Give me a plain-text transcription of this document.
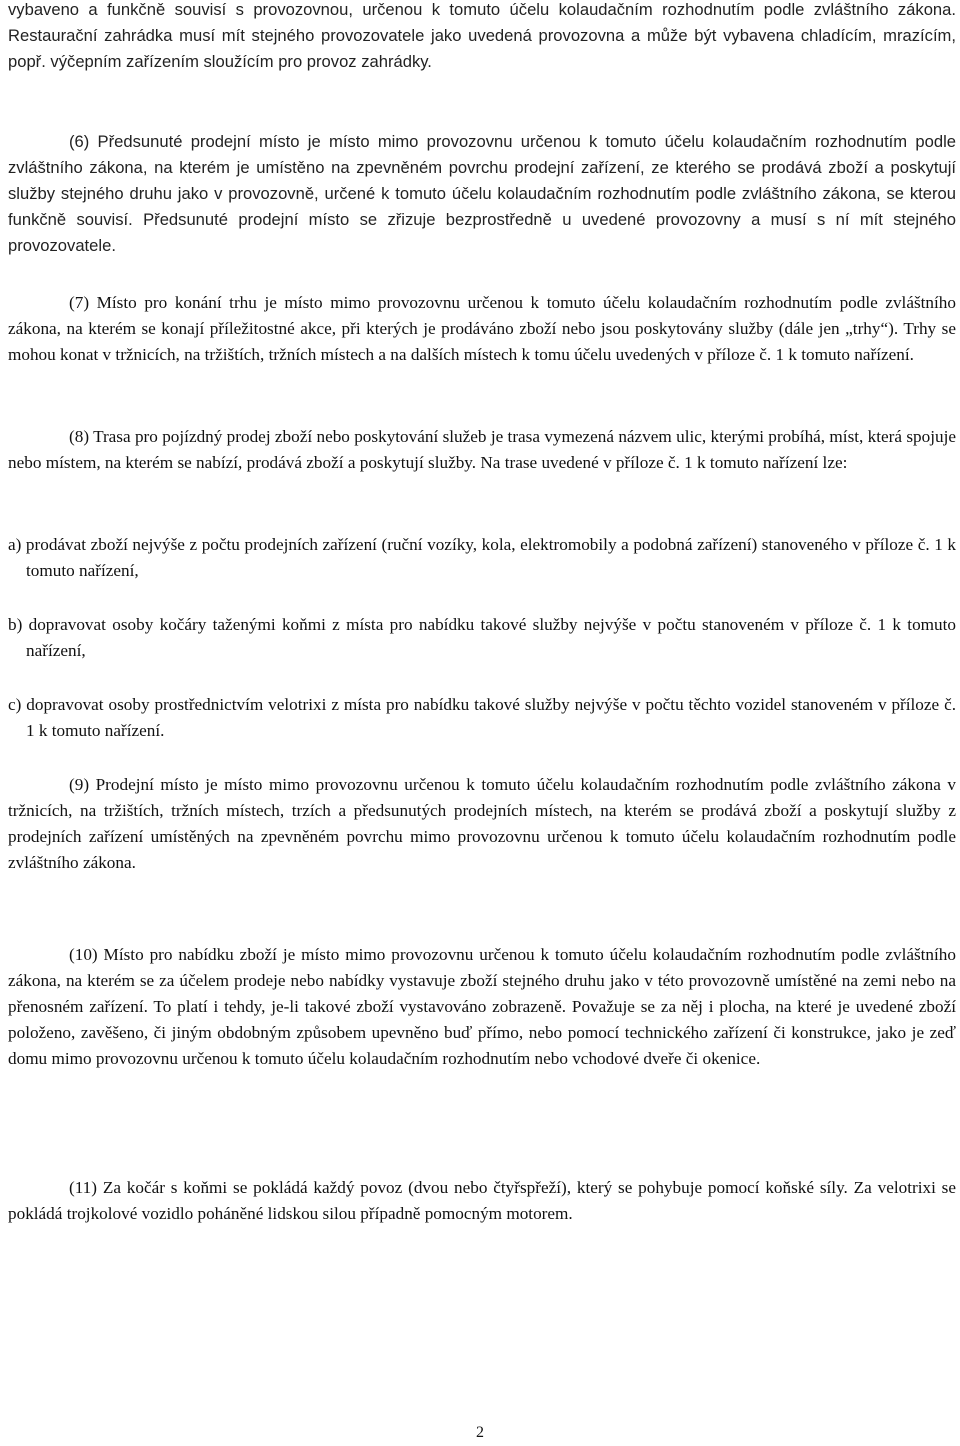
vybaveno a funkčně souvisí s provozovnou, určenou k tomuto účelu kolaudačním rozhodnutím podle zvláštního zákona. Restaurační zahrádka musí mít stejného provozovatele jako uvedená provozovna a může být vybavena chladícím, mrazícím, popř. výčepním zařízením sloužícím pro provoz zahrádky.

(6) Předsunuté prodejní místo je místo mimo provozovnu určenou k tomuto účelu kolaudačním rozhodnutím podle zvláštního zákona, na kterém je umístěno na zpevněném povrchu prodejní zařízení, ze kterého se prodává zboží a poskytují služby stejného druhu jako v provozovně, určené k tomuto účelu kolaudačním rozhodnutím podle zvláštního zákona, se kterou funkčně souvisí. Předsunuté prodejní místo se zřizuje bezprostředně u uvedené provozovny a musí s ní mít stejného provozovatele.

(7) Místo pro konání trhu je místo mimo provozovnu určenou k tomuto účelu kolaudačním rozhodnutím podle zvláštního zákona, na kterém se konají příležitostné akce, při kterých je prodáváno zboží nebo jsou poskytovány služby (dále jen „trhy“). Trhy se mohou konat v tržnicích, na tržištích, tržních místech a na dalších místech k tomu účelu uvedených v příloze č. 1 k tomuto nařízení.

(8) Trasa pro pojízdný prodej zboží nebo poskytování služeb je trasa vymezená názvem ulic, kterými probíhá, míst, která spojuje nebo místem, na kterém se nabízí, prodává zboží a poskytují služby. Na trase uvedené v příloze č. 1 k tomuto nařízení lze:

a) prodávat zboží nejvýše z počtu prodejních zařízení (ruční vozíky, kola, elektromobily a podobná zařízení) stanoveného v příloze č. 1 k tomuto nařízení,

b) dopravovat osoby kočáry taženými koňmi z místa pro nabídku takové služby nejvýše v počtu stanoveném v příloze č. 1 k tomuto nařízení,

c) dopravovat osoby prostřednictvím velotrixi z místa pro nabídku takové služby nejvýše v počtu těchto vozidel stanoveném v příloze č. 1 k tomuto nařízení.

(9) Prodejní místo je místo mimo provozovnu určenou k tomuto účelu kolaudačním rozhodnutím podle zvláštního zákona v tržnicích, na tržištích, tržních místech, trzích a předsunutých prodejních místech, na kterém se prodává zboží a poskytují služby z prodejních zařízení umístěných na zpevněném povrchu mimo provozovnu určenou k tomuto účelu kolaudačním rozhodnutím podle zvláštního zákona.

(10) Místo pro nabídku zboží je místo mimo provozovnu určenou k tomuto účelu kolaudačním rozhodnutím podle zvláštního zákona, na kterém se za účelem prodeje nebo nabídky vystavuje zboží stejného druhu jako v této provozovně umístěné na zemi nebo na přenosném zařízení. To platí i tehdy, je-li takové zboží vystavováno zobrazeně. Považuje se za něj i plocha, na které je uvedené zboží položeno, zavěšeno, či jiným obdobným způsobem upevněno buď přímo, nebo pomocí technického zařízení či konstrukce, jako je zeď domu mimo provozovnu určenou k tomuto účelu kolaudačním rozhodnutím nebo vchodové dveře či okenice.

(11) Za kočár s koňmi se pokládá každý povoz (dvou nebo čtyřspřeží), který se pohybuje pomocí koňské síly. Za velotrixi se pokládá trojkolové vozidlo poháněné lidskou silou případně pomocným motorem.

2
